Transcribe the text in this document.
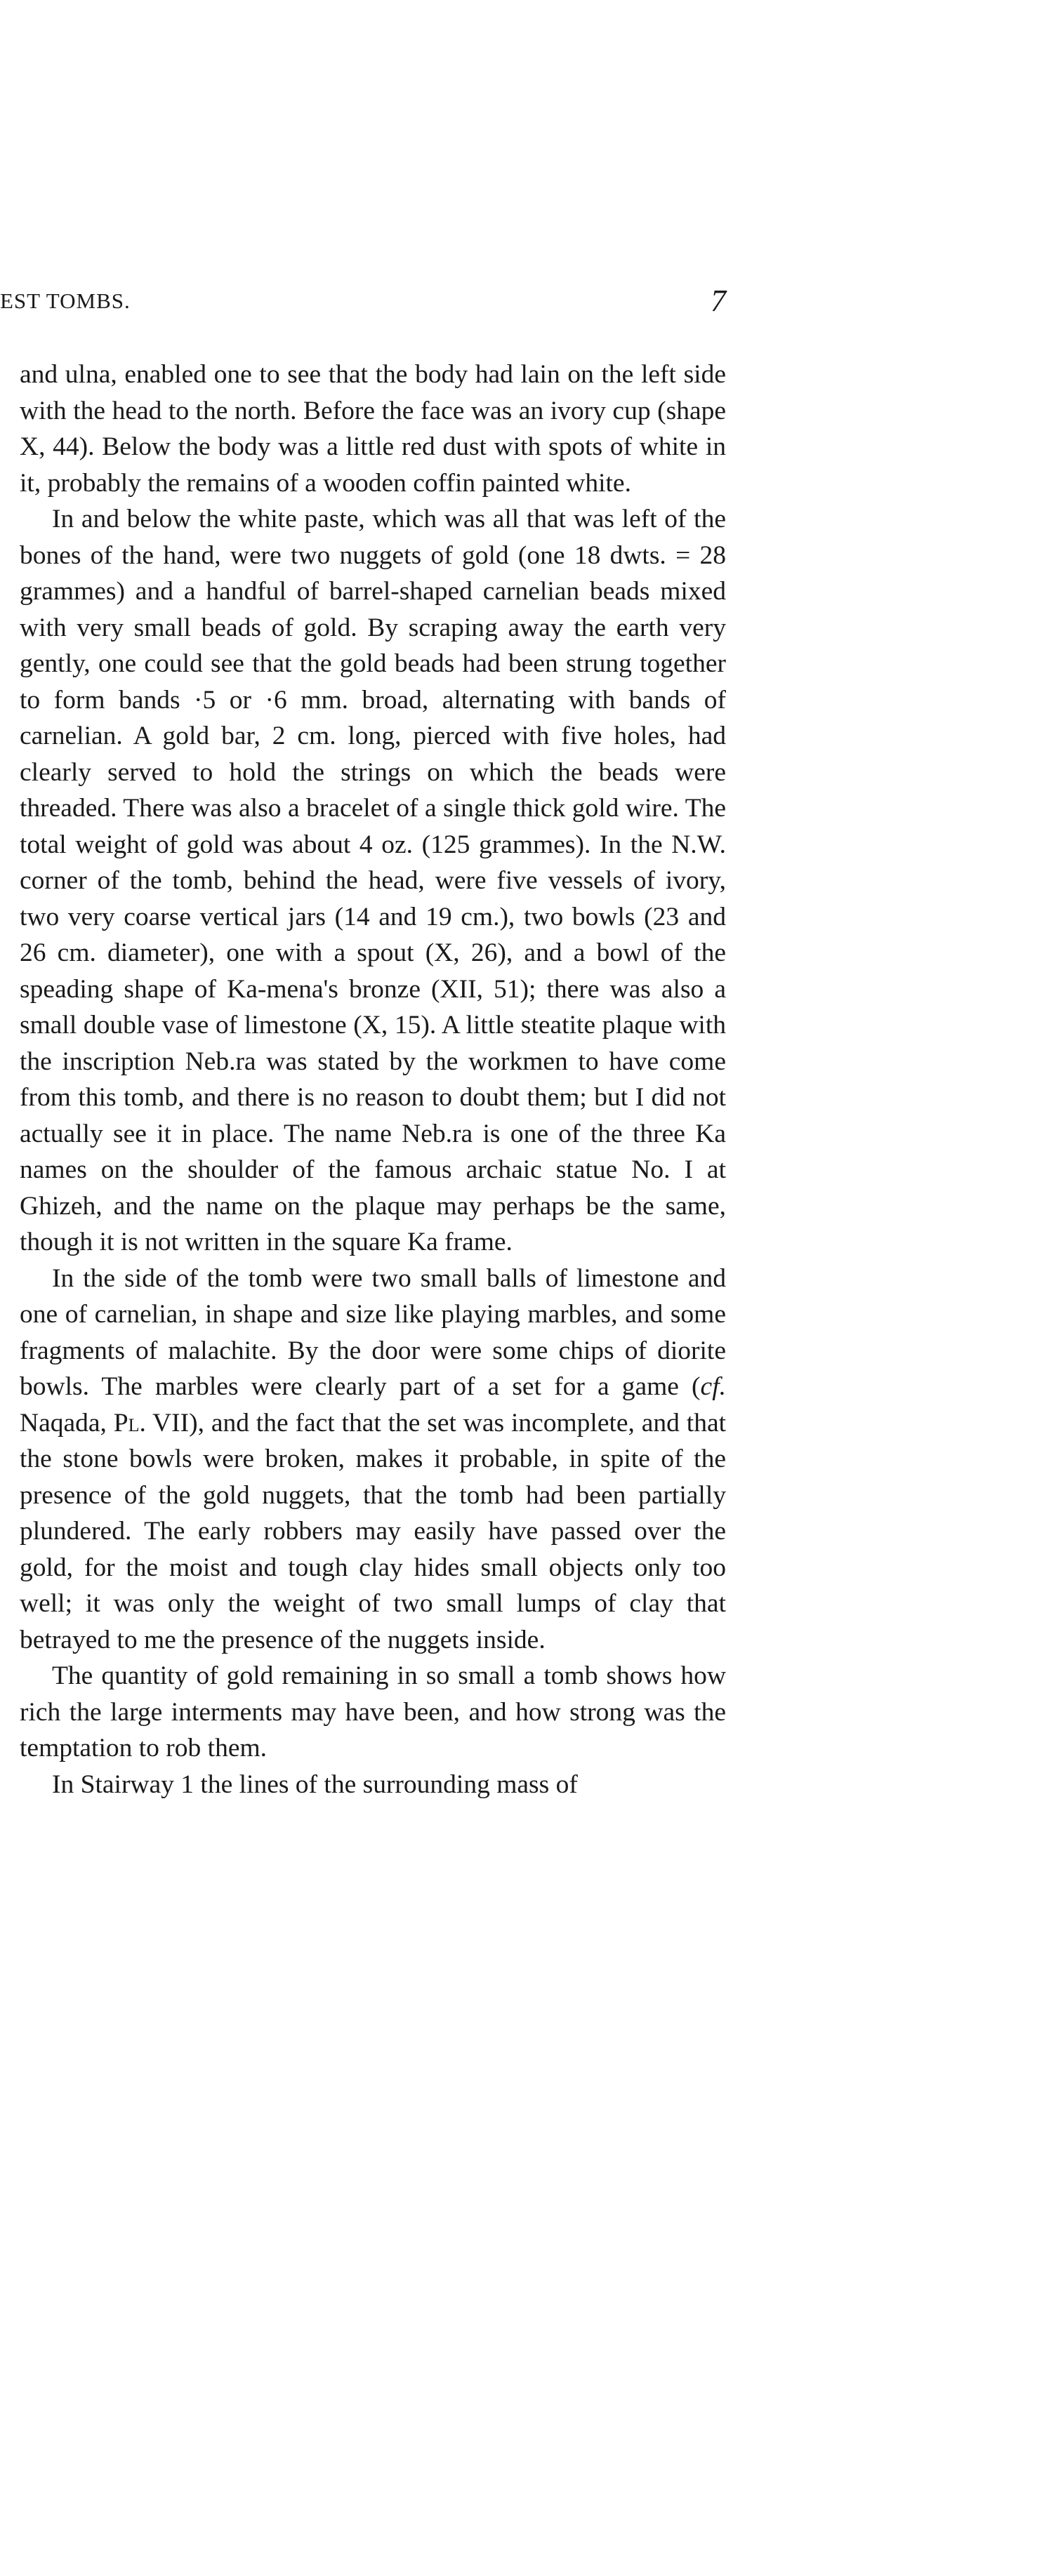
EST TOMBS.	7

and ulna, enabled one to see that the body had lain on the left side with the head to the north. Before the face was an ivory cup (shape X, 44). Below the body was a little red dust with spots of white in it, probably the remains of a wooden coffin painted white.

In and below the white paste, which was all that was left of the bones of the hand, were two nuggets of gold (one 18 dwts. = 28 grammes) and a handful of barrel-shaped carnelian beads mixed with very small beads of gold. By scraping away the earth very gently, one could see that the gold beads had been strung together to form bands ·5 or ·6 mm. broad, alternating with bands of carnelian. A gold bar, 2 cm. long, pierced with five holes, had clearly served to hold the strings on which the beads were threaded. There was also a bracelet of a single thick gold wire. The total weight of gold was about 4 oz. (125 grammes). In the N.W. corner of the tomb, behind the head, were five vessels of ivory, two very coarse vertical jars (14 and 19 cm.), two bowls (23 and 26 cm. diameter), one with a spout (X, 26), and a bowl of the speading shape of Ka-mena's bronze (XII, 51); there was also a small double vase of limestone (X, 15). A little steatite plaque with the inscription Neb.ra was stated by the workmen to have come from this tomb, and there is no reason to doubt them; but I did not actually see it in place. The name Neb.ra is one of the three Ka names on the shoulder of the famous archaic statue No. I at Ghizeh, and the name on the plaque may perhaps be the same, though it is not written in the square Ka frame.

In the side of the tomb were two small balls of limestone and one of carnelian, in shape and size like playing marbles, and some fragments of malachite. By the door were some chips of diorite bowls. The marbles were clearly part of a set for a game (cf. Naqada, Pl. VII), and the fact that the set was incomplete, and that the stone bowls were broken, makes it probable, in spite of the presence of the gold nuggets, that the tomb had been partially plundered. The early robbers may easily have passed over the gold, for the moist and tough clay hides small objects only too well; it was only the weight of two small lumps of clay that betrayed to me the presence of the nuggets inside.

The quantity of gold remaining in so small a tomb shows how rich the large interments may have been, and how strong was the temptation to rob them.

In Stairway 1 the lines of the surrounding mass of
